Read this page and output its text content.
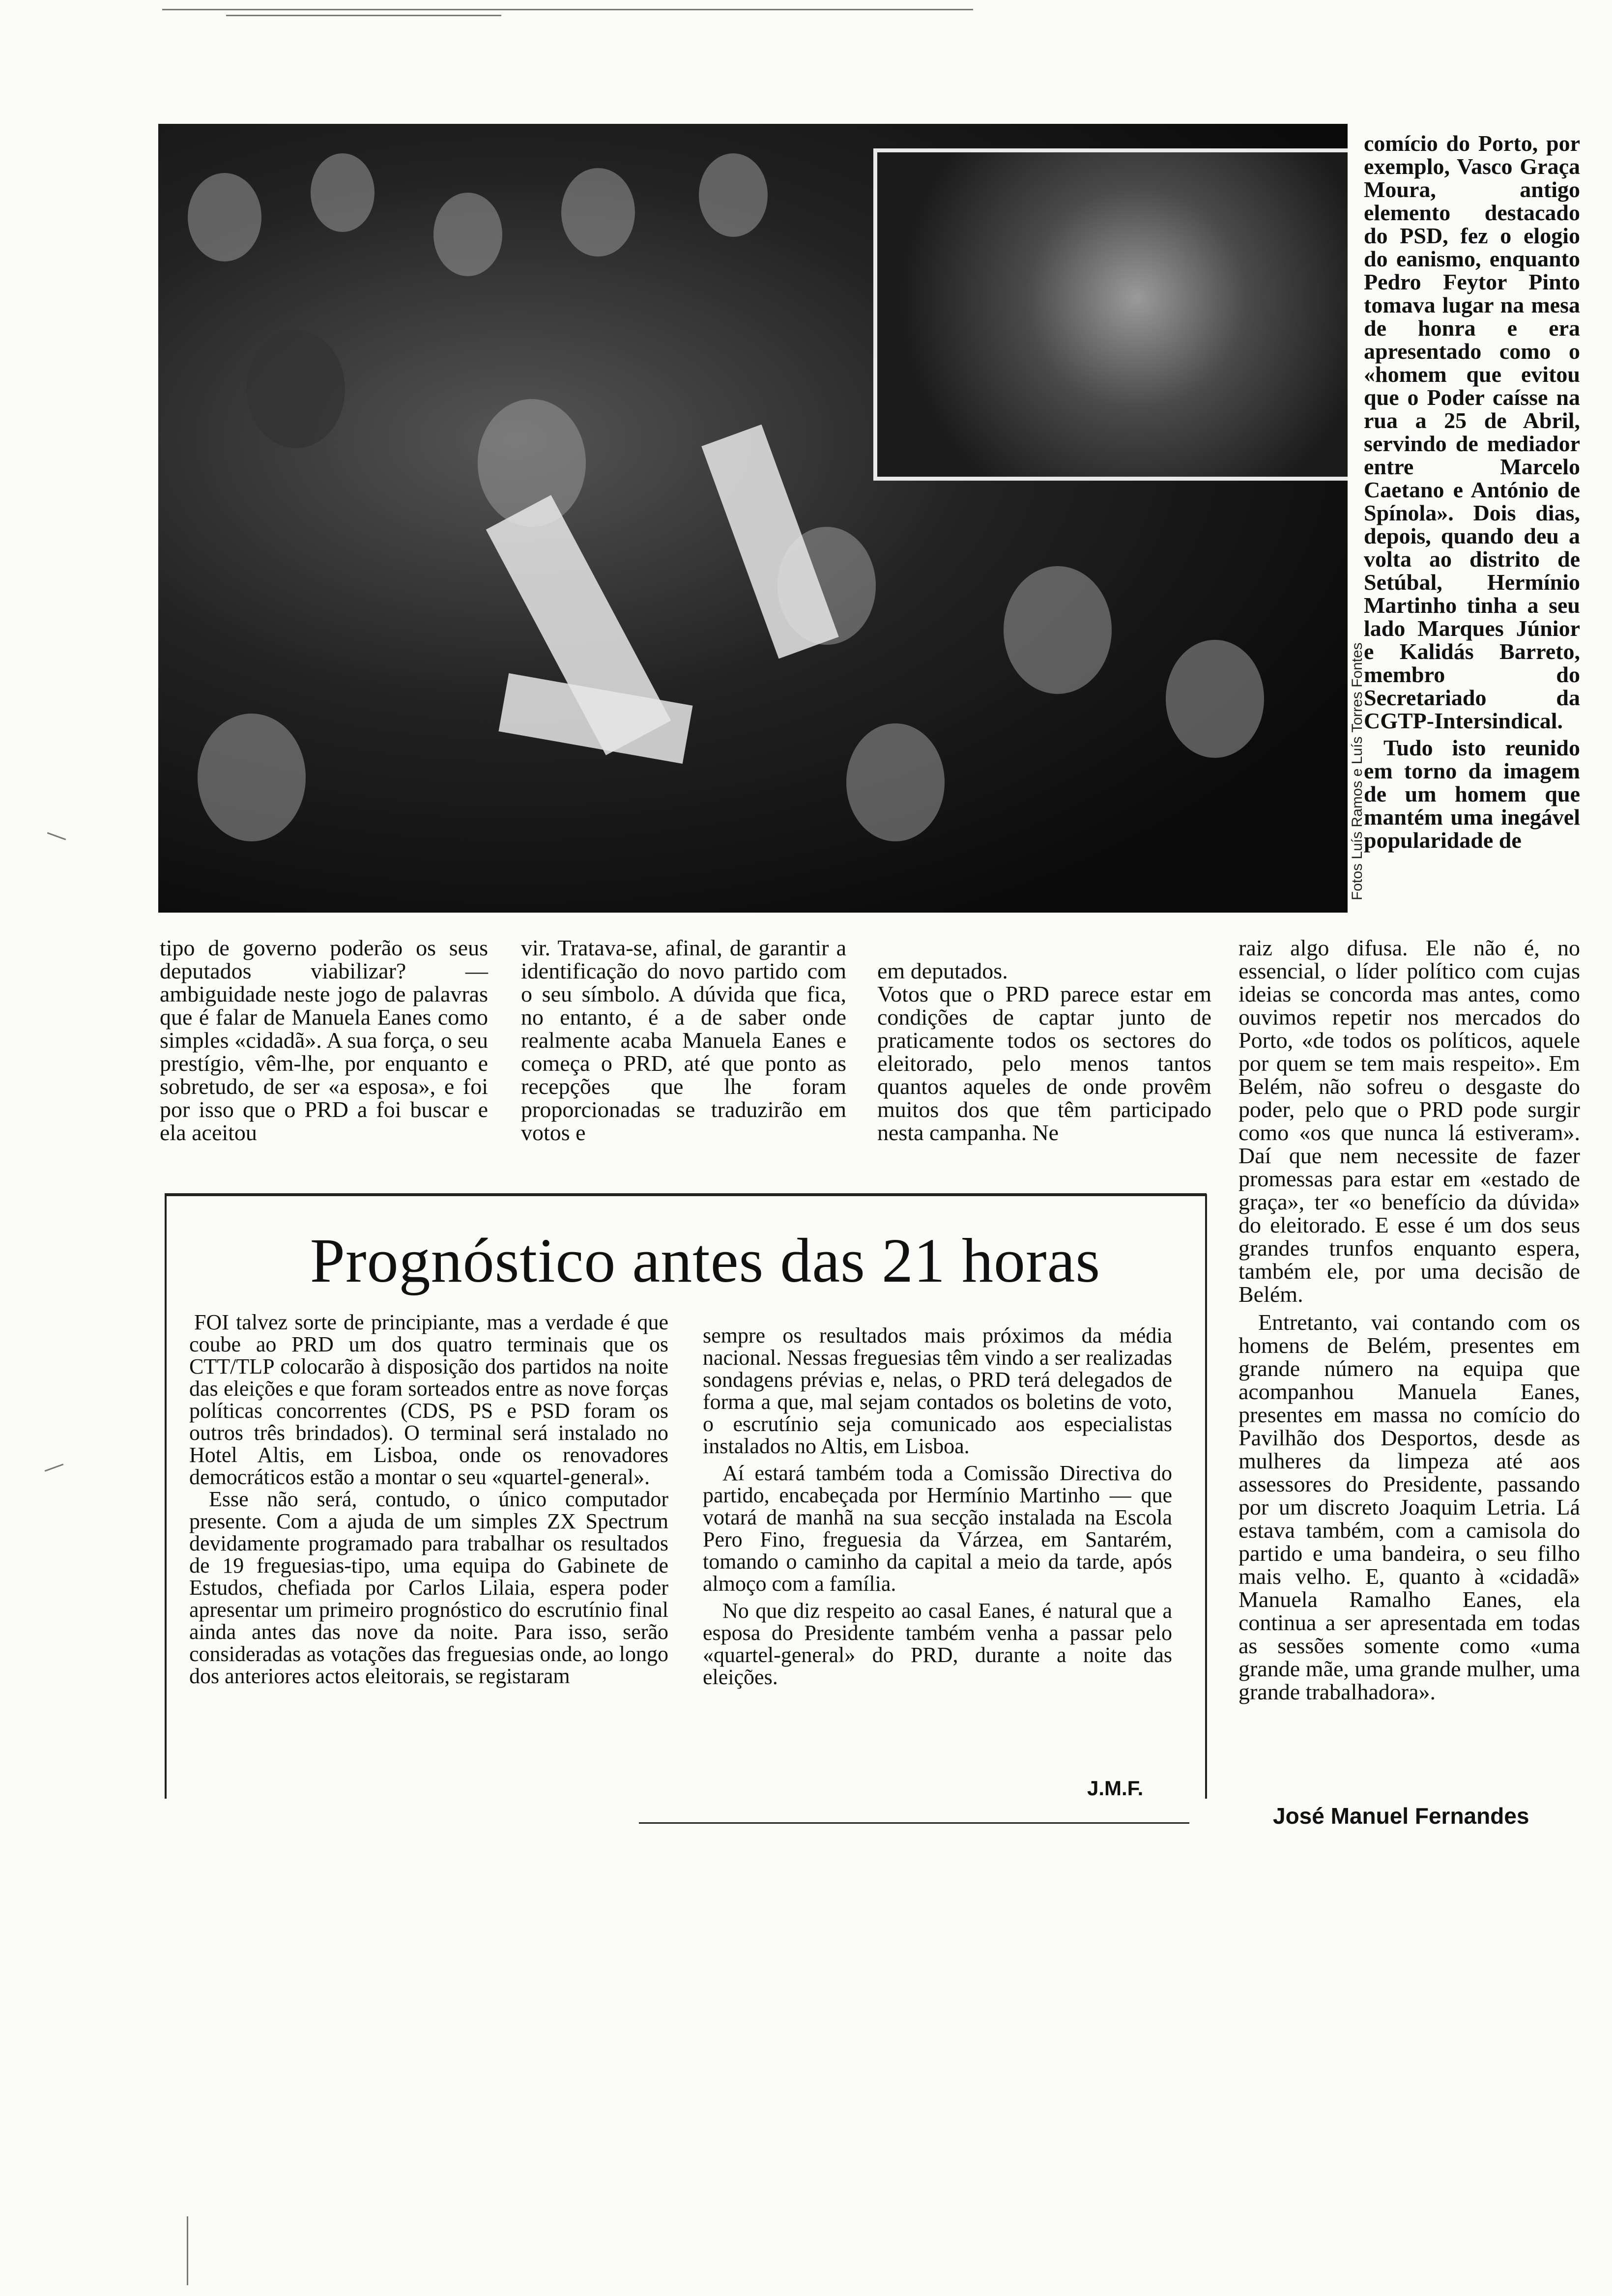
Fotos Luís Ramos e Luís Torres Fontes

comício do Porto, por exemplo, Vasco Graça Moura, antigo elemento destacado do PSD, fez o elogio do eanismo, enquanto Pedro Feytor Pinto tomava lugar na mesa de honra e era apresentado como o «homem que evitou que o Poder caísse na rua a 25 de Abril, servindo de mediador entre Marcelo Caetano e António de Spínola». Dois dias, depois, quando deu a volta ao distrito de Setúbal, Hermínio Martinho tinha a seu lado Marques Júnior e Kalidás Barreto, membro do Secretariado da CGTP-Intersindical.

Tudo isto reunido em torno da imagem de um homem que mantém uma inegável popularidade de

tipo de governo poderão os seus deputados viabilizar? — ambiguidade neste jogo de palavras que é falar de Manuela Eanes como simples «cidadã». A sua força, o seu prestígio, vêm-lhe, por enquanto e sobretudo, de ser «a esposa», e foi por isso que o PRD a foi buscar e ela aceitou

vir. Tratava-se, afinal, de garantir a identificação do novo partido com o seu símbolo. A dúvida que fica, no entanto, é a de saber onde realmente acaba Manuela Eanes e começa o PRD, até que ponto as recepções que lhe foram proporcionadas se traduzirão em votos e

em deputados.
Votos que o PRD parece estar em condições de captar junto de praticamente todos os sectores do eleitorado, pelo menos tantos quantos aqueles de onde provêm muitos dos que têm participado nesta campanha. Ne

raiz algo difusa. Ele não é, no essencial, o líder político com cujas ideias se concorda mas antes, como ouvimos repetir nos mercados do Porto, «de todos os políticos, aquele por quem se tem mais respeito». Em Belém, não sofreu o desgaste do poder, pelo que o PRD pode surgir como «os que nunca lá estiveram». Daí que nem necessite de fazer promessas para estar em «estado de graça», ter «o benefício da dúvida» do eleitorado. E esse é um dos seus grandes trunfos enquanto espera, também ele, por uma decisão de Belém.

Entretanto, vai contando com os homens de Belém, presentes em grande número na equipa que acompanhou Manuela Eanes, presentes em massa no comício do Pavilhão dos Desportos, desde as mulheres da limpeza até aos assessores do Presidente, passando por um discreto Joaquim Letria. Lá estava também, com a camisola do partido e uma bandeira, o seu filho mais velho. E, quanto à «cidadã» Manuela Ramalho Eanes, ela continua a ser apresentada em todas as sessões somente como «uma grande mãe, uma grande mulher, uma grande trabalhadora».

José Manuel Fernandes
Prognóstico antes das 21 horas

FOI talvez sorte de principiante, mas a verdade é que coube ao PRD um dos quatro terminais que os CTT/TLP colocarão à disposição dos partidos na noite das eleições e que foram sorteados entre as nove forças políticas concorrentes (CDS, PS e PSD foram os outros três brindados). O terminal será instalado no Hotel Altis, em Lisboa, onde os renovadores democráticos estão a montar o seu «quartel-general».

Esse não será, contudo, o único computador presente. Com a ajuda de um simples ZX Spectrum devidamente programado para trabalhar os resultados de 19 freguesias-tipo, uma equipa do Gabinete de Estudos, chefiada por Carlos Lilaia, espera poder apresentar um primeiro prognóstico do escrutínio final ainda antes das nove da noite. Para isso, serão consideradas as votações das freguesias onde, ao longo dos anteriores actos eleitorais, se registaram

sempre os resultados mais próximos da média nacional. Nessas freguesias têm vindo a ser realizadas sondagens prévias e, nelas, o PRD terá delegados de forma a que, mal sejam contados os boletins de voto, o escrutínio seja comunicado aos especialistas instalados no Altis, em Lisboa.

Aí estará também toda a Comissão Directiva do partido, encabeçada por Hermínio Martinho — que votará de manhã na sua secção instalada na Escola Pero Fino, freguesia da Várzea, em Santarém, tomando o caminho da capital a meio da tarde, após almoço com a família.

No que diz respeito ao casal Eanes, é natural que a esposa do Presidente também venha a passar pelo «quartel-general» do PRD, durante a noite das eleições.

J.M.F.
